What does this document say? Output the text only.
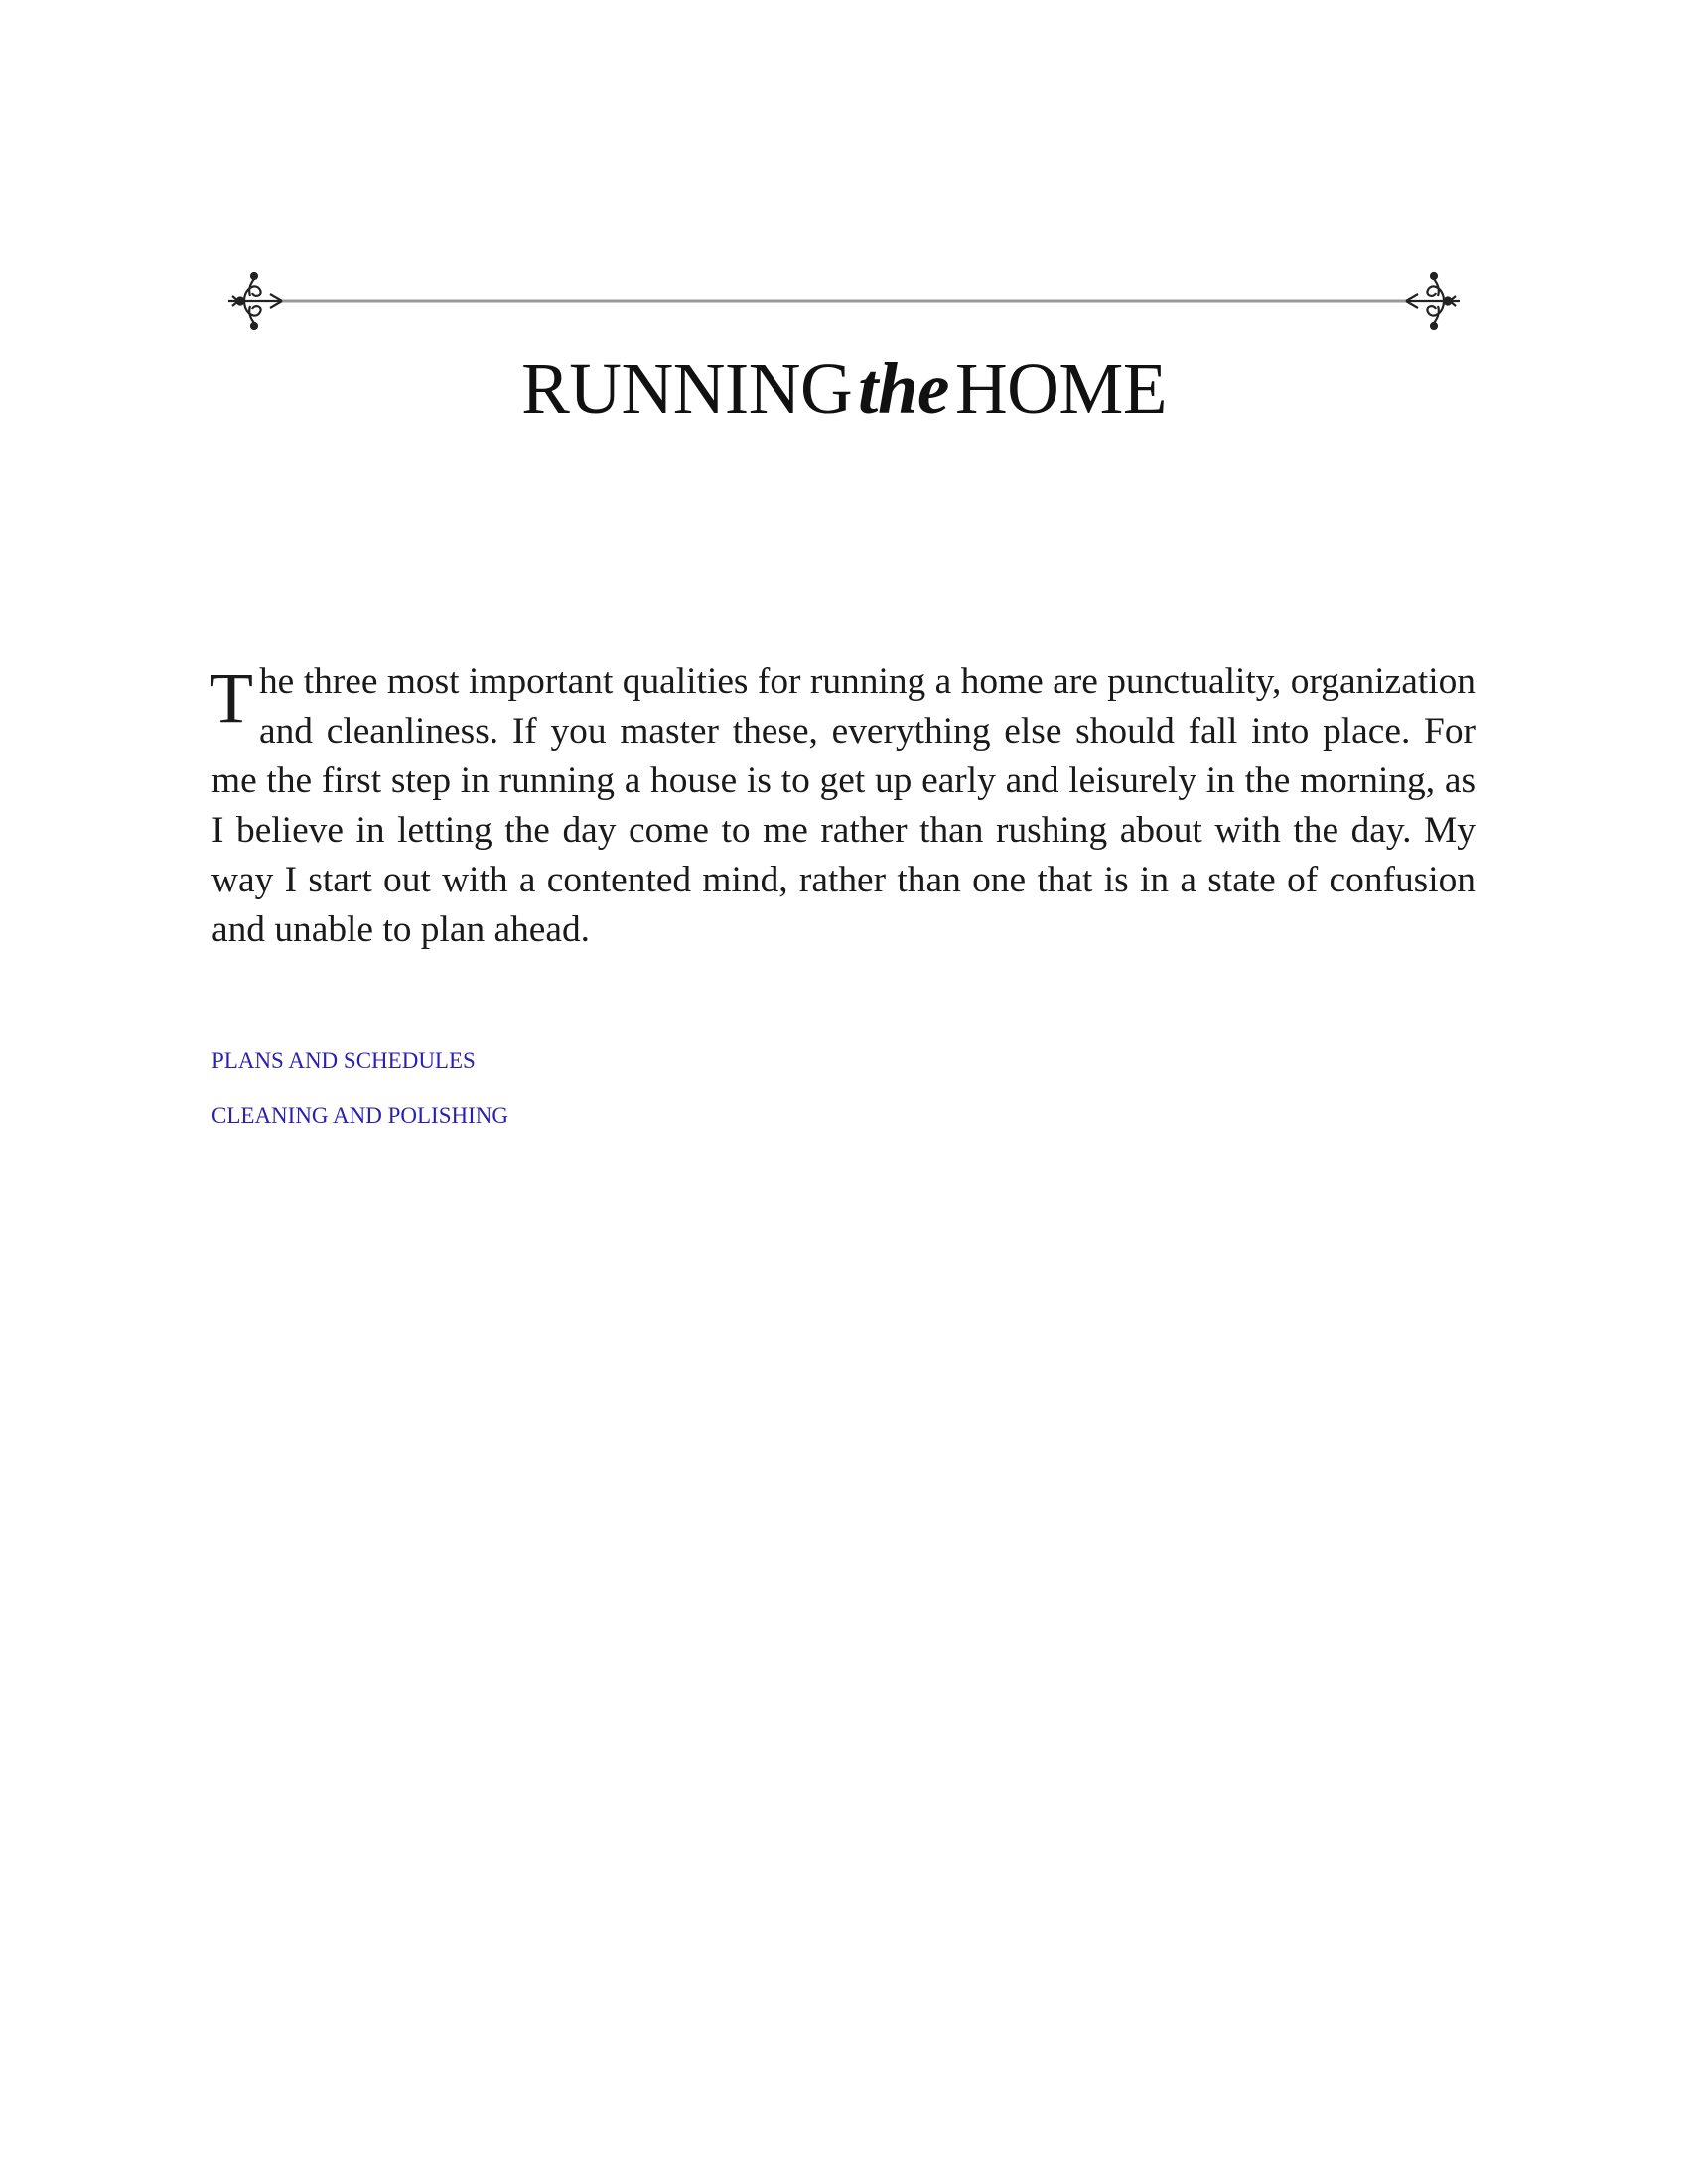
RUNNINGtheHOME

The three most important qualities for running a home are punctuality, organization and cleanliness. If you master these, everything else should fall into place. For me the first step in running a house is to get up early and leisurely in the morning, as I believe in letting the day come to me rather than rushing about with the day. My way I start out with a contented mind, rather than one that is in a state of confusion and unable to plan ahead.

PLANS AND SCHEDULES
CLEANING AND POLISHING
